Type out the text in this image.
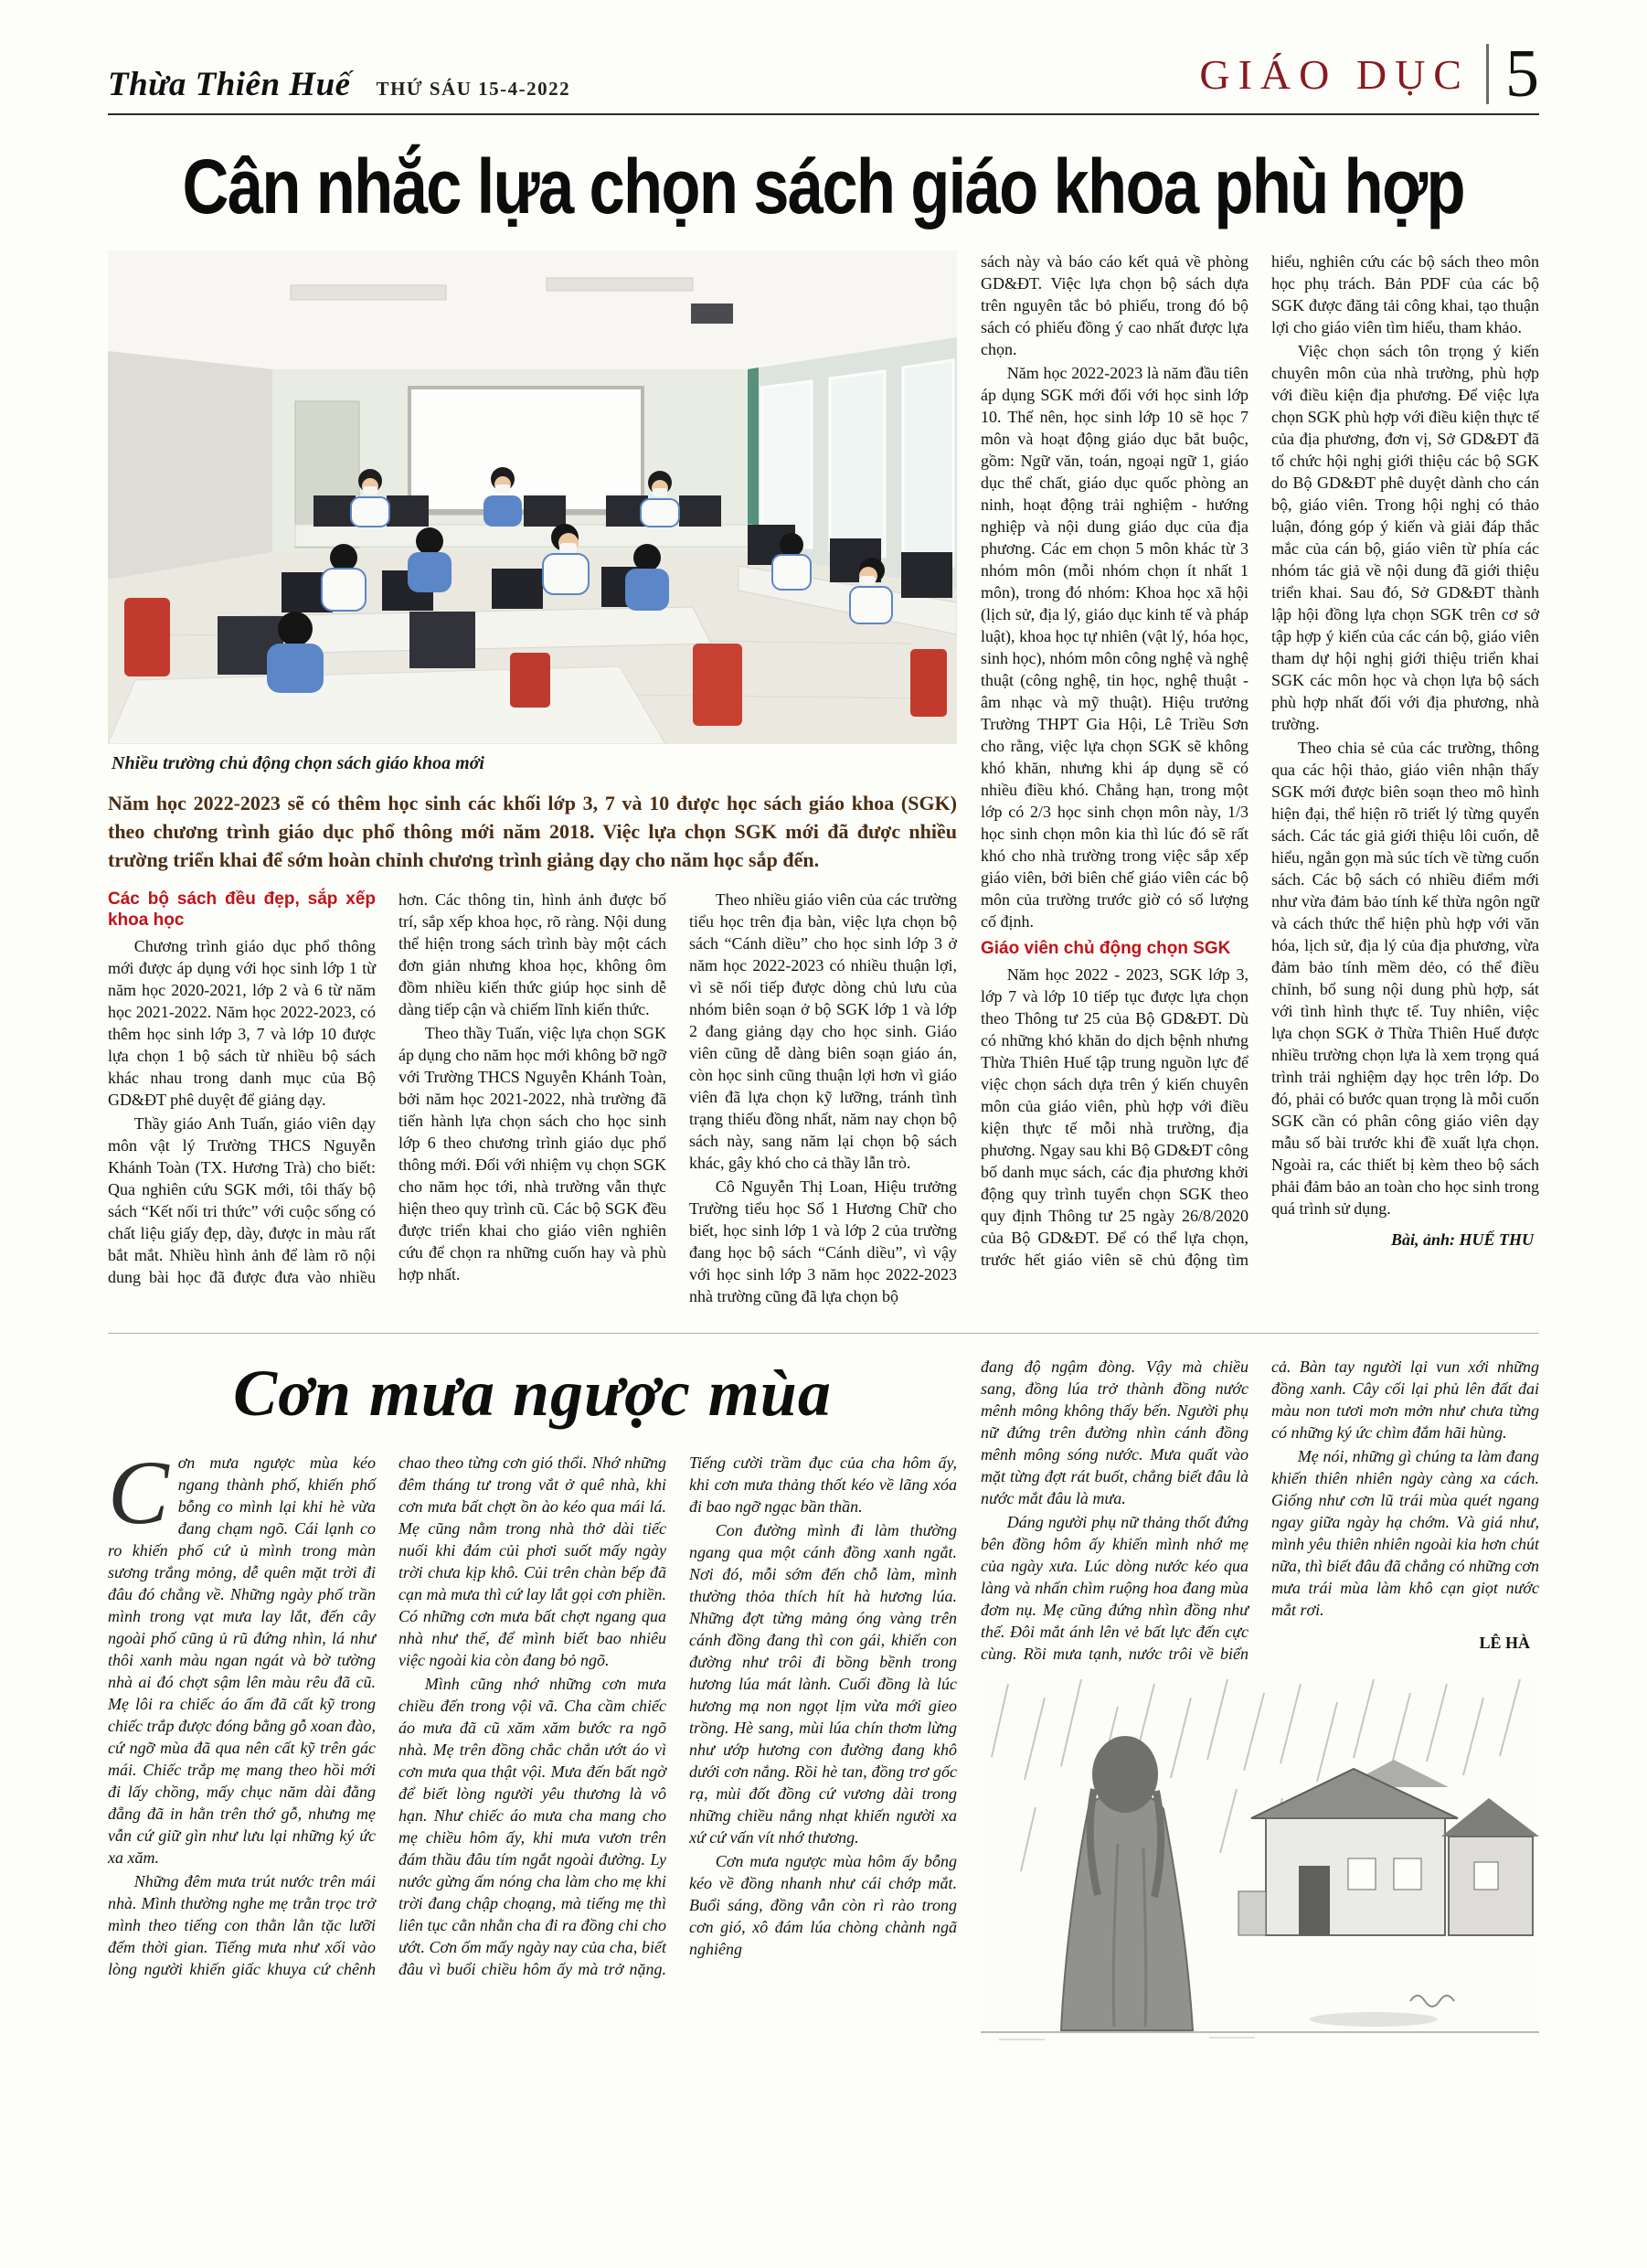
Thừa Thiên Huế THỨ SÁU 15-4-2022	GIÁO DỤC 5
Cân nhắc lựa chọn sách giáo khoa phù hợp
Nhiều trường chủ động chọn sách giáo khoa mới

Năm học 2022-2023 sẽ có thêm học sinh các khối lớp 3, 7 và 10 được học sách giáo khoa (SGK) theo chương trình giáo dục phổ thông mới năm 2018. Việc lựa chọn SGK mới đã được nhiều trường triển khai để sớm hoàn chỉnh chương trình giảng dạy cho năm học sắp đến.

Các bộ sách đều đẹp, sắp xếp khoa học

Chương trình giáo dục phổ thông mới được áp dụng với học sinh lớp 1 từ năm học 2020-2021, lớp 2 và 6 từ năm học 2021-2022. Năm học 2022-2023, có thêm học sinh lớp 3, 7 và lớp 10 được lựa chọn 1 bộ sách từ nhiều bộ sách khác nhau trong danh mục của Bộ GD&ĐT phê duyệt để giảng dạy.

Thầy giáo Anh Tuấn, giáo viên dạy môn vật lý Trường THCS Nguyễn Khánh Toàn (TX. Hương Trà) cho biết: Qua nghiên cứu SGK mới, tôi thấy bộ sách “Kết nối tri thức” với cuộc sống có chất liệu giấy đẹp, dày, được in màu rất bắt mắt. Nhiều hình ảnh để làm rõ nội dung bài học đã được đưa vào nhiều hơn. Các thông tin, hình ảnh được bố trí, sắp xếp khoa học, rõ ràng. Nội dung thể hiện trong sách trình bày một cách đơn giản nhưng khoa học, không ôm đồm nhiều kiến thức giúp học sinh dễ dàng tiếp cận và chiếm lĩnh kiến thức.

Theo thầy Tuấn, việc lựa chọn SGK áp dụng cho năm học mới không bỡ ngỡ với Trường THCS Nguyễn Khánh Toàn, bởi năm học 2021-2022, nhà trường đã tiến hành lựa chọn sách cho học sinh lớp 6 theo chương trình giáo dục phổ thông mới. Đối với nhiệm vụ chọn SGK cho năm học tới, nhà trường vẫn thực hiện theo quy trình cũ. Các bộ SGK đều được triển khai cho giáo viên nghiên cứu để chọn ra những cuốn hay và phù hợp nhất.

Theo nhiều giáo viên của các trường tiểu học trên địa bàn, việc lựa chọn bộ sách “Cánh diều” cho học sinh lớp 3 ở năm học 2022-2023 có nhiều thuận lợi, vì sẽ nối tiếp được dòng chủ lưu của nhóm biên soạn ở bộ SGK lớp 1 và lớp 2 đang giảng dạy cho học sinh. Giáo viên cũng dễ dàng biên soạn giáo án, còn học sinh cũng thuận lợi hơn vì giáo viên đã lựa chọn kỹ lưỡng, tránh tình trạng thiếu đồng nhất, năm nay chọn bộ sách này, sang năm lại chọn bộ sách khác, gây khó cho cả thầy lẫn trò.

Cô Nguyễn Thị Loan, Hiệu trưởng Trường tiểu học Số 1 Hương Chữ cho biết, học sinh lớp 1 và lớp 2 của trường đang học bộ sách “Cánh diều”, vì vậy với học sinh lớp 3 năm học 2022-2023 nhà trường cũng đã lựa chọn bộ

sách này và báo cáo kết quả về phòng GD&ĐT. Việc lựa chọn bộ sách dựa trên nguyên tắc bỏ phiếu, trong đó bộ sách có phiếu đồng ý cao nhất được lựa chọn.

Năm học 2022-2023 là năm đầu tiên áp dụng SGK mới đối với học sinh lớp 10. Thế nên, học sinh lớp 10 sẽ học 7 môn và hoạt động giáo dục bắt buộc, gồm: Ngữ văn, toán, ngoại ngữ 1, giáo dục thể chất, giáo dục quốc phòng an ninh, hoạt động trải nghiệm - hướng nghiệp và nội dung giáo dục của địa phương. Các em chọn 5 môn khác từ 3 nhóm môn (mỗi nhóm chọn ít nhất 1 môn), trong đó nhóm: Khoa học xã hội (lịch sử, địa lý, giáo dục kinh tế và pháp luật), khoa học tự nhiên (vật lý, hóa học, sinh học), nhóm môn công nghệ và nghệ thuật (công nghệ, tin học, nghệ thuật - âm nhạc và mỹ thuật). Hiệu trưởng Trường THPT Gia Hội, Lê Triều Sơn cho rằng, việc lựa chọn SGK sẽ không khó khăn, nhưng khi áp dụng sẽ có nhiều điều khó. Chẳng hạn, trong một lớp có 2/3 học sinh chọn môn này, 1/3 học sinh chọn môn kia thì lúc đó sẽ rất khó cho nhà trường trong việc sắp xếp giáo viên, bởi biên chế giáo viên các bộ môn của trường trước giờ có số lượng cố định.

Giáo viên chủ động chọn SGK

Năm học 2022 - 2023, SGK lớp 3, lớp 7 và lớp 10 tiếp tục được lựa chọn theo Thông tư 25 của Bộ GD&ĐT. Dù có những khó khăn do dịch bệnh nhưng Thừa Thiên Huế tập trung nguồn lực để việc chọn sách dựa trên ý kiến chuyên môn của giáo viên, phù hợp với điều kiện thực tế mỗi nhà trường, địa phương. Ngay sau khi Bộ GD&ĐT công bố danh mục sách, các địa phương khởi động quy trình tuyển chọn SGK theo quy định Thông tư 25 ngày 26/8/2020 của Bộ GD&ĐT. Để có thể lựa chọn, trước hết giáo viên sẽ chủ động tìm hiểu, nghiên cứu các bộ sách theo môn học phụ trách. Bản PDF của các bộ SGK được đăng tải công khai, tạo thuận lợi cho giáo viên tìm hiểu, tham khảo.

Việc chọn sách tôn trọng ý kiến chuyên môn của nhà trường, phù hợp với điều kiện địa phương. Để việc lựa chọn SGK phù hợp với điều kiện thực tế của địa phương, đơn vị, Sở GD&ĐT đã tổ chức hội nghị giới thiệu các bộ SGK do Bộ GD&ĐT phê duyệt dành cho cán bộ, giáo viên. Trong hội nghị có thảo luận, đóng góp ý kiến và giải đáp thắc mắc của cán bộ, giáo viên từ phía các nhóm tác giả về nội dung đã giới thiệu triển khai. Sau đó, Sở GD&ĐT thành lập hội đồng lựa chọn SGK trên cơ sở tập hợp ý kiến của các cán bộ, giáo viên tham dự hội nghị giới thiệu triển khai SGK các môn học và chọn lựa bộ sách phù hợp nhất đối với địa phương, nhà trường.

Theo chia sẻ của các trường, thông qua các hội thảo, giáo viên nhận thấy SGK mới được biên soạn theo mô hình hiện đại, thể hiện rõ triết lý từng quyển sách. Các tác giả giới thiệu lôi cuốn, dễ hiểu, ngắn gọn mà súc tích về từng cuốn sách. Các bộ sách có nhiều điểm mới như vừa đảm bảo tính kế thừa ngôn ngữ và cách thức thể hiện phù hợp với văn hóa, lịch sử, địa lý của địa phương, vừa đảm bảo tính mềm dẻo, có thể điều chỉnh, bổ sung nội dung phù hợp, sát với tình hình thực tế. Tuy nhiên, việc lựa chọn SGK ở Thừa Thiên Huế được nhiều trường chọn lựa là xem trọng quá trình trải nghiệm dạy học trên lớp. Do đó, phải có bước quan trọng là mỗi cuốn SGK cần có phân công giáo viên dạy mẫu số bài trước khi đề xuất lựa chọn. Ngoài ra, các thiết bị kèm theo bộ sách phải đảm bảo an toàn cho học sinh trong quá trình sử dụng.

Bài, ảnh: HUẾ THU

Cơn mưa ngược mùa

Cơn mưa ngược mùa kéo ngang thành phố, khiến phố bỗng co mình lại khi hè vừa đang chạm ngõ. Cái lạnh co ro khiến phố cứ ủ mình trong màn sương trắng mỏng, dễ quên mặt trời đi đâu đó chẳng về. Những ngày phố trần mình trong vạt mưa lay lắt, đến cây ngoài phố cũng ủ rũ đứng nhìn, lá như thôi xanh màu ngan ngát và bờ tường nhà ai đó chợt sậm lên màu rêu đã cũ. Mẹ lôi ra chiếc áo ấm đã cất kỹ trong chiếc trắp được đóng bằng gỗ xoan đào, cứ ngỡ mùa đã qua nên cất kỹ trên gác mái. Chiếc trắp mẹ mang theo hồi mới đi lấy chồng, mấy chục năm dài đằng đẵng đã in hằn trên thớ gỗ, nhưng mẹ vẫn cứ giữ gìn như lưu lại những ký ức xa xăm.

Những đêm mưa trút nước trên mái nhà. Mình thường nghe mẹ trằn trọc trở mình theo tiếng con thằn lằn tặc lưỡi đếm thời gian. Tiếng mưa như xối vào lòng người khiến giấc khuya cứ chênh chao theo từng cơn gió thổi. Nhớ những đêm tháng tư trong vắt ở quê nhà, khi cơn mưa bất chợt ồn ào kéo qua mái lá. Mẹ cũng nằm trong nhà thở dài tiếc nuối khi đám củi phơi suốt mấy ngày trời chưa kịp khô. Củi trên chàn bếp đã cạn mà mưa thì cứ lay lắt gọi cơn phiền. Có những cơn mưa bất chợt ngang qua nhà như thế, để mình biết bao nhiêu việc ngoài kia còn đang bỏ ngõ.

Mình cũng nhớ những cơn mưa chiều đến trong vội vã. Cha cầm chiếc áo mưa đã cũ xăm xăm bước ra ngõ nhà. Mẹ trên đồng chắc chắn ướt áo vì cơn mưa qua thật vội. Mưa đến bất ngờ để biết lòng người yêu thương là vô hạn. Như chiếc áo mưa cha mang cho mẹ chiều hôm ấy, khi mưa vươn trên đám thầu đâu tím ngắt ngoài đường. Ly nước gừng ấm nóng cha làm cho mẹ khi trời đang chập choạng, mà tiếng mẹ thì liên tục cằn nhằn cha đi ra đồng chi cho ướt. Cơn ốm mấy ngày nay của cha, biết đâu vì buổi chiều hôm ấy mà trở nặng. Tiếng cười trầm đục của cha hôm ấy, khi cơn mưa thảng thốt kéo về lãng xóa đi bao ngỡ ngạc bần thần.

Con đường mình đi làm thường ngang qua một cánh đồng xanh ngắt. Nơi đó, mỗi sớm đến chỗ làm, mình thường thỏa thích hít hà hương lúa. Những đợt từng mảng óng vàng trên cánh đồng đang thì con gái, khiến con đường như trôi đi bồng bềnh trong hương lúa mát lành. Cuối đồng là lúc hương mạ non ngọt lịm vừa mới gieo trồng. Hè sang, mùi lúa chín thơm lừng như ướp hương con đường đang khô dưới cơn nắng. Rồi hè tan, đồng trơ gốc rạ, mùi đốt đồng cứ vương dài trong những chiều nắng nhạt khiến người xa xứ cứ vấn vít nhớ thương.

Cơn mưa ngược mùa hôm ấy bỗng kéo về đồng nhanh như cái chớp mắt. Buổi sáng, đồng vẫn còn rì rào trong cơn gió, xô đám lúa chòng chành ngã nghiêng

đang độ ngậm đòng. Vậy mà chiều sang, đồng lúa trở thành đồng nước mênh mông không thấy bến. Người phụ nữ đứng trên đường nhìn cánh đồng mênh mông sóng nước. Mưa quất vào mặt từng đợt rát buốt, chẳng biết đâu là nước mắt đâu là mưa.

Dáng người phụ nữ thảng thốt đứng bên đồng hôm ấy khiến mình nhớ mẹ của ngày xưa. Lúc dòng nước kéo qua làng và nhấn chìm ruộng hoa đang mùa đơm nụ. Mẹ cũng đứng nhìn đồng như thế. Đôi mắt ánh lên vẻ bất lực đến cực cùng. Rồi mưa tạnh, nước trôi về biển cả. Bàn tay người lại vun xới những đồng xanh. Cây cối lại phủ lên đất đai màu non tươi mơn mởn như chưa từng có những ký ức chìm đắm hãi hùng.

Mẹ nói, những gì chúng ta làm đang khiến thiên nhiên ngày càng xa cách. Giống như cơn lũ trái mùa quét ngang ngay giữa ngày hạ chớm. Và giá như, mình yêu thiên nhiên ngoài kia hơn chút nữa, thì biết đâu đã chẳng có những cơn mưa trái mùa làm khô cạn giọt nước mắt rơi.

LÊ HÀ
